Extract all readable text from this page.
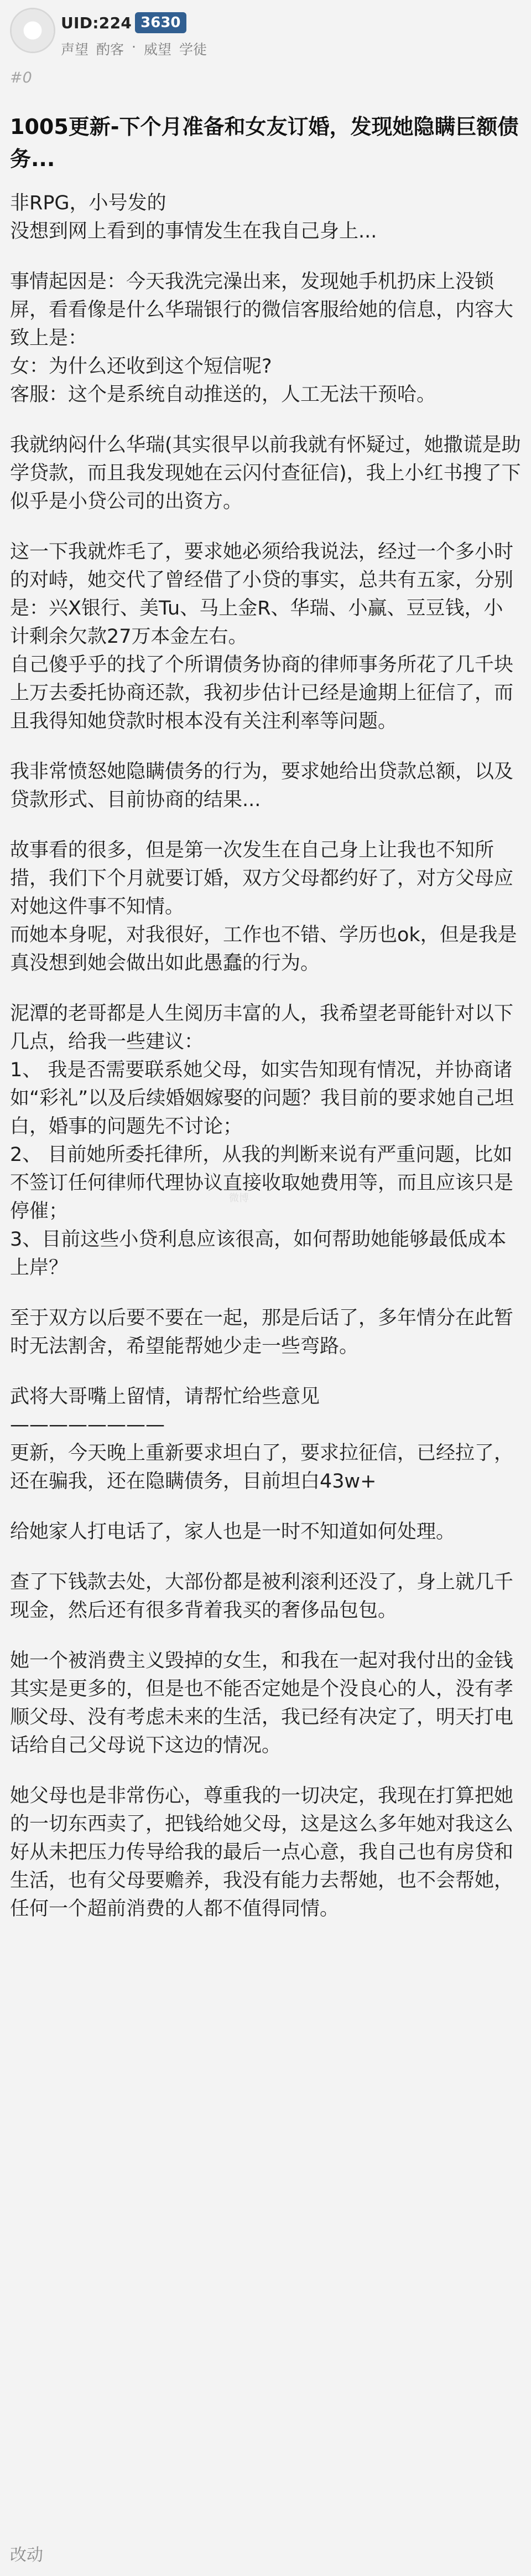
UID:224 3630
声望 酌客 · 威望 学徒
#0
1005更新-下个月准备和女友订婚，发现她隐瞒巨额债务...
非RPG，小号发的
没想到网上看到的事情发生在我自己身上...
事情起因是：今天我洗完澡出来，发现她手机扔床上没锁屏，看看像是什么华瑞银行的微信客服给她的信息，内容大致上是：
女：为什么还收到这个短信呢?
客服：这个是系统自动推送的，人工无法干预哈。
我就纳闷什么华瑞(其实很早以前我就有怀疑过，她撒谎是助学贷款，而且我发现她在云闪付查征信)，我上小红书搜了下似乎是小贷公司的出资方。
这一下我就炸毛了，要求她必须给我说法，经过一个多小时的对峙，她交代了曾经借了小贷的事实，总共有五家，分别是：兴X银行、美Tu、马上金R、华瑞、小赢、豆豆钱，小计剩余欠款27万本金左右。
自己傻乎乎的找了个所谓债务协商的律师事务所花了几千块上万去委托协商还款，我初步估计已经是逾期上征信了，而且我得知她贷款时根本没有关注利率等问题。
我非常愤怒她隐瞒债务的行为，要求她给出贷款总额，以及贷款形式、目前协商的结果...
故事看的很多，但是第一次发生在自己身上让我也不知所措，我们下个月就要订婚，双方父母都约好了，对方父母应对她这件事不知情。
而她本身呢，对我很好，工作也不错、学历也ok，但是我是真没想到她会做出如此愚蠢的行为。
泥潭的老哥都是人生阅历丰富的人，我希望老哥能针对以下几点，给我一些建议：
1、 我是否需要联系她父母，如实告知现有情况，并协商诸如“彩礼”以及后续婚姻嫁娶的问题？我目前的要求她自己坦白，婚事的问题先不讨论；
2、 目前她所委托律所，从我的判断来说有严重问题，比如不签订任何律师代理协议直接收取她费用等，而且应该只是停催；
3、目前这些小贷利息应该很高，如何帮助她能够最低成本上岸？
至于双方以后要不要在一起，那是后话了，多年情分在此暂时无法割舍，希望能帮她少走一些弯路。
武将大哥嘴上留情，请帮忙给些意见
————————
更新，今天晚上重新要求坦白了，要求拉征信，已经拉了，还在骗我，还在隐瞒债务，目前坦白43w+
给她家人打电话了，家人也是一时不知道如何处理。
查了下钱款去处，大部份都是被利滚利还没了，身上就几千现金，然后还有很多背着我买的奢侈品包包。
她一个被消费主义毁掉的女生，和我在一起对我付出的金钱其实是更多的，但是也不能否定她是个没良心的人，没有孝顺父母、没有考虑未来的生活，我已经有决定了，明天打电话给自己父母说下这边的情况。
她父母也是非常伤心，尊重我的一切决定，我现在打算把她的一切东西卖了，把钱给她父母，这是这么多年她对我这么好从未把压力传导给我的最后一点心意，我自己也有房贷和生活，也有父母要赡养，我没有能力去帮她，也不会帮她，任何一个超前消费的人都不值得同情。
微博
改动
